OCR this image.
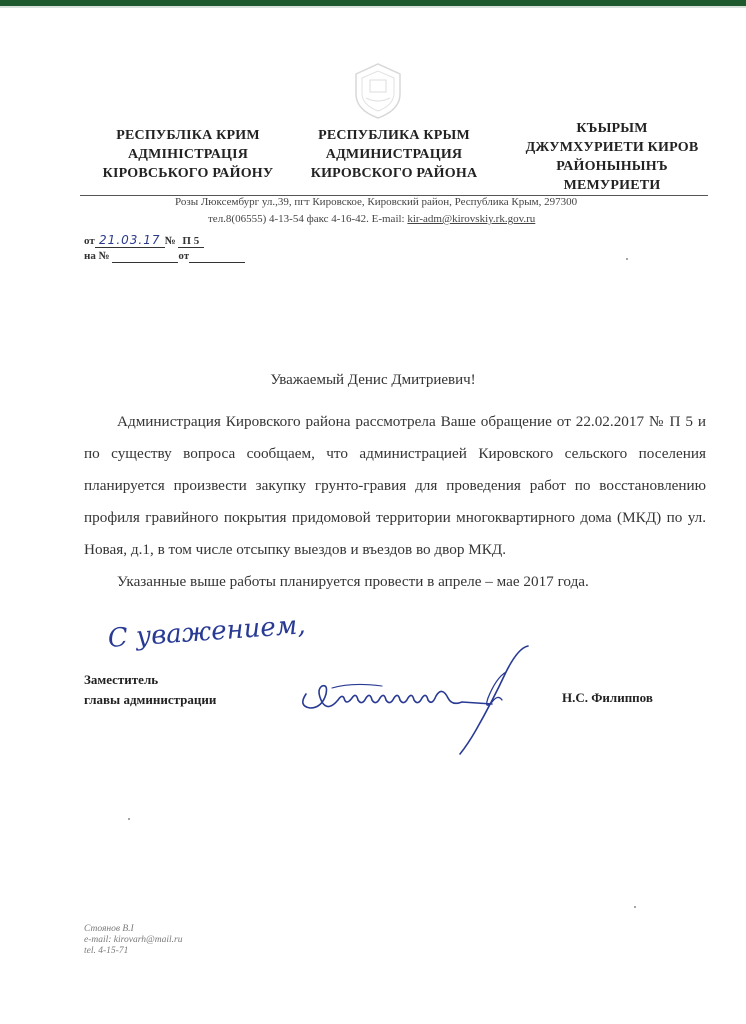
РЕСПУБЛІКА КРИМ
АДМІНІСТРАЦІЯ
КІРОВСЬКОГО РАЙОНУ
РЕСПУБЛИКА КРЫМ
АДМИНИСТРАЦИЯ
КИРОВСКОГО РАЙОНА
КЪЫРЫМ
ДЖУМХУРИЕТИ КИРОВ
РАЙОНЫНЫНЪ
МЕМУРИЕТИ
Розы Люксембург ул.,39, пгт Кировское, Кировский район, Республика Крым, 297300
тел.8(06555) 4-13-54 факс 4-16-42. E-mail: kir-adm@kirovskiy.rk.gov.ru
от 21.03.17 № П 5
на №	от
Уважаемый Денис Дмитриевич!

Администрация Кировского района рассмотрела Ваше обращение от 22.02.2017 № П 5 и по существу вопроса сообщаем, что администрацией Кировского сельского поселения планируется произвести закупку грунто-гравия для проведения работ по восстановлению профиля гравийного покрытия придомовой территории многоквартирного дома (МКД) по ул. Новая, д.1, в том числе отсыпку выездов и въездов во двор МКД.

Указанные выше работы планируется провести в апреле – мае 2017 года.

С уважением,
Заместитель
главы администрации	Н.С. Филиппов
Стоянов В.І
e-mail: kirovarh@mail.ru
tel. 4-15-71
